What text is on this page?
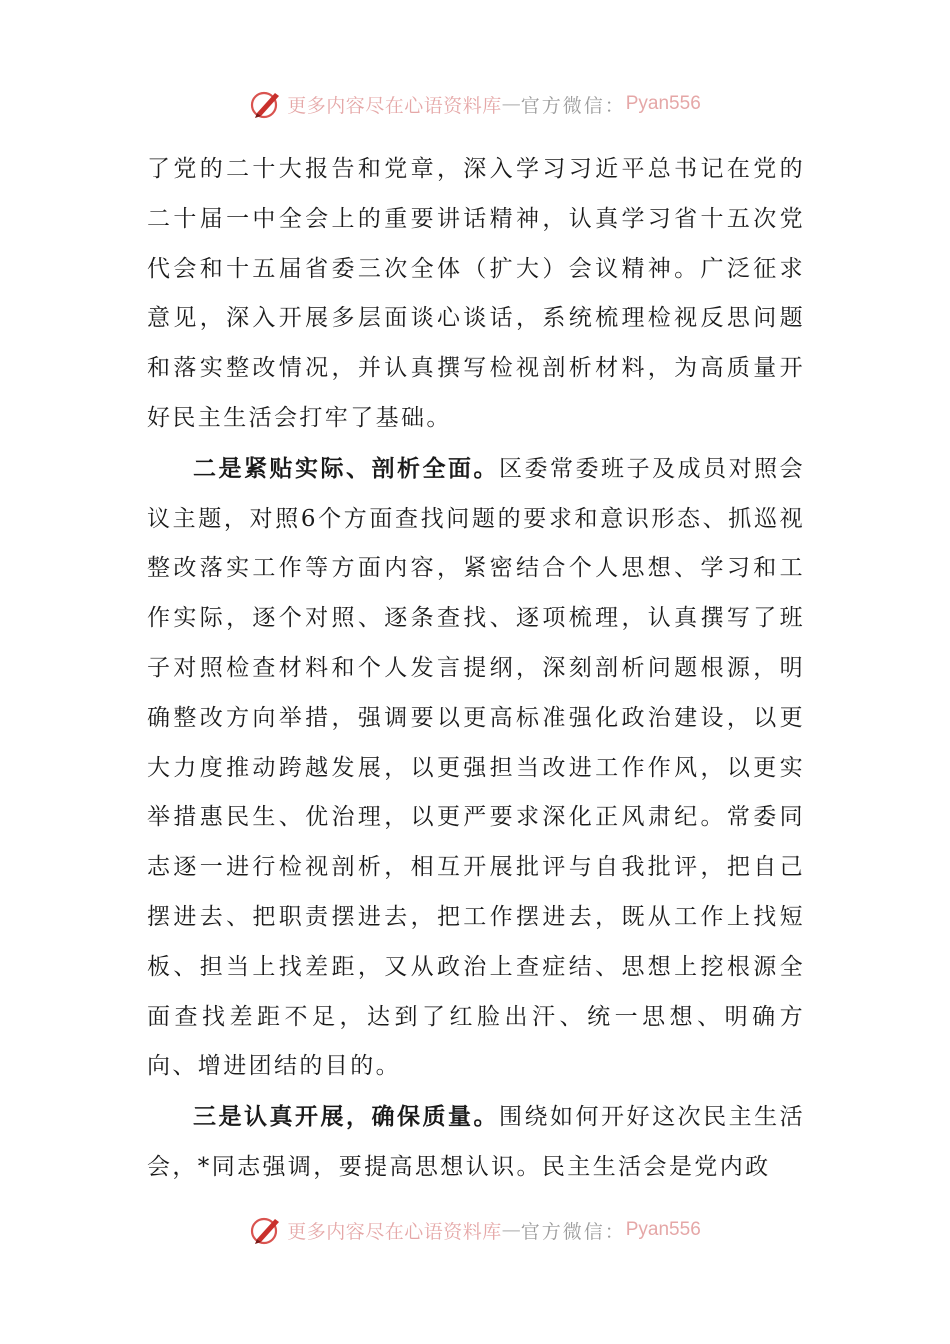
更多内容尽在心语资料库 — 官方微信： Pyan556

了党的二十大报告和党章，深入学习习近平总书记在党的二十届一中全会上的重要讲话精神，认真学习省十五次党代会和十五届省委三次全体（扩大）会议精神。广泛征求意见，深入开展多层面谈心谈话，系统梳理检视反思问题和落实整改情况，并认真撰写检视剖析材料，为高质量开好民主生活会打牢了基础。

二是紧贴实际、剖析全面。区委常委班子及成员对照会议主题，对照6个方面查找问题的要求和意识形态、抓巡视整改落实工作等方面内容，紧密结合个人思想、学习和工作实际，逐个对照、逐条查找、逐项梳理，认真撰写了班子对照检查材料和个人发言提纲，深刻剖析问题根源，明确整改方向举措，强调要以更高标准强化政治建设，以更大力度推动跨越发展，以更强担当改进工作作风，以更实举措惠民生、优治理，以更严要求深化正风肃纪。常委同志逐一进行检视剖析，相互开展批评与自我批评，把自己摆进去、把职责摆进去，把工作摆进去，既从工作上找短板、担当上找差距，又从政治上查症结、思想上挖根源全面查找差距不足，达到了红脸出汗、统一思想、明确方向、增进团结的目的。

三是认真开展，确保质量。围绕如何开好这次民主生活会，*同志强调，要提高思想认识。民主生活会是党内政

更多内容尽在心语资料库 — 官方微信： Pyan556
